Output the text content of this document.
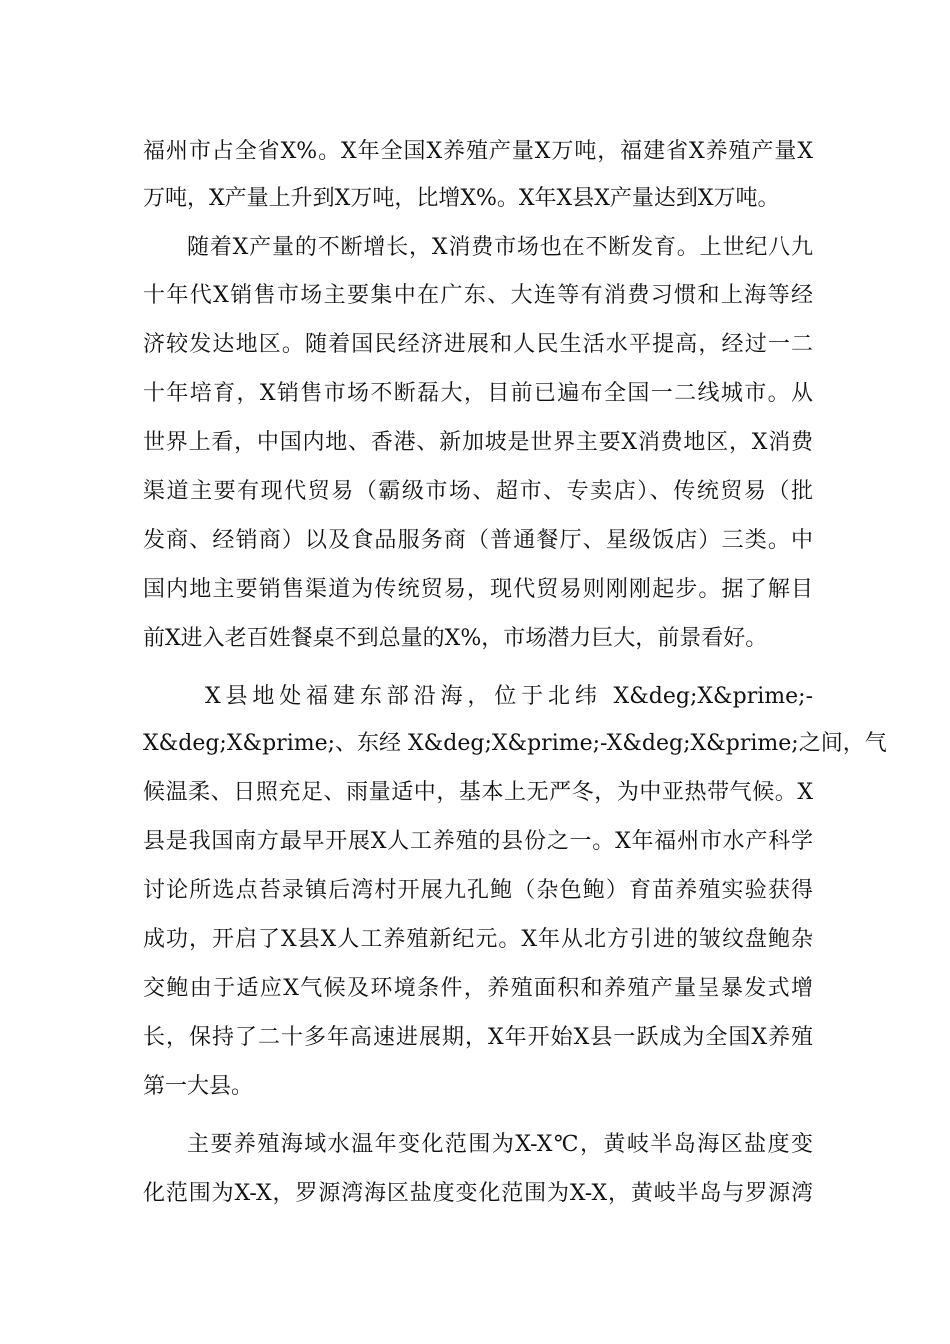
福州市占全省X%。X年全国X养殖产量X万吨，福建省X养殖产量X
万吨，X产量上升到X万吨，比增X%。X年X县X产量达到X万吨。
随着X产量的不断增长，X消费市场也在不断发育。上世纪八九
十年代X销售市场主要集中在广东、大连等有消费习惯和上海等经
济较发达地区。随着国民经济进展和人民生活水平提高，经过一二
十年培育，X销售市场不断磊大，目前已遍布全国一二线城市。从
世界上看，中国内地、香港、新加坡是世界主要X消费地区，X消费
渠道主要有现代贸易（霸级市场、超市、专卖店）、传统贸易（批
发商、经销商）以及食品服务商（普通餐厅、星级饭店）三类。中
国内地主要销售渠道为传统贸易，现代贸易则刚刚起步。据了解目
前X进入老百姓餐桌不到总量的X%，市场潜力巨大，前景看好。
X县地处福建东部沿海，位于北纬 X&deg;X&prime;-
X&deg;X&prime;、东经 X&deg;X&prime;-X&deg;X&prime;之间，气
候温柔、日照充足、雨量适中，基本上无严冬，为中亚热带气候。X
县是我国南方最早开展X人工养殖的县份之一。X年福州市水产科学
讨论所选点苔录镇后湾村开展九孔鲍（杂色鲍）育苗养殖实验获得
成功，开启了X县X人工养殖新纪元。X年从北方引进的皱纹盘鲍杂
交鲍由于适应X气候及环境条件，养殖面积和养殖产量呈暴发式增
长，保持了二十多年高速进展期，X年开始X县一跃成为全国X养殖
第一大县。
主要养殖海域水温年变化范围为X-X℃，黄岐半岛海区盐度变
化范围为X-X，罗源湾海区盐度变化范围为X-X，黄岐半岛与罗源湾
